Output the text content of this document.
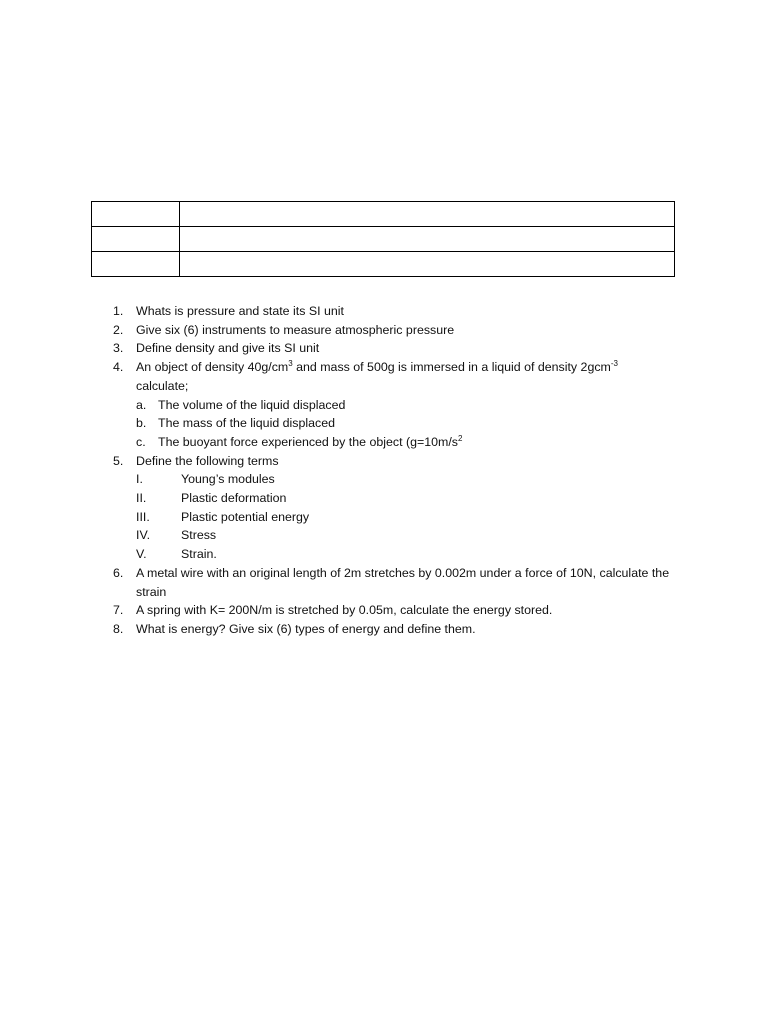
1.	Whats is pressure and state its SI unit
2.	Give six (6) instruments to measure atmospheric pressure
3.	Define density and give its SI unit
4.	An object of density $40g/cm^3$ and mass of 500g is immersed in a liquid of density 2gcm$^{-3}$
calculate;
a. The volume of the liquid displaced
b. The mass of the liquid displaced
c. The buoyant force experienced by the object ($g=10m/s^2$
5.	Define the following terms
I.	Young’s modules
II.	Plastic deformation
III.	Plastic potential energy
IV. Stress
V.	Strain.
6.	A metal wire with an original length of 2m stretches by 0.002m under a force of 10N, calculate the strain
7.	A spring with K= 200N/m is stretched by 0.05m, calculate the energy stored.
8.	What is energy? Give six (6) types of energy and define them.
